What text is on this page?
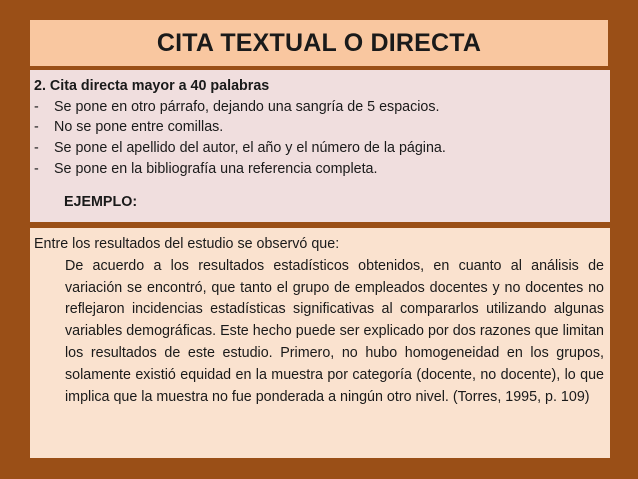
CITA TEXTUAL O DIRECTA
2. Cita directa mayor a 40 palabras
-	Se pone en otro párrafo, dejando una sangría de 5 espacios.
-	No se pone entre comillas.
-	Se pone el apellido del autor, el año y el número de la página.
-	Se pone en la bibliografía una referencia completa.
EJEMPLO:
Entre los resultados del estudio se observó que:
De acuerdo a los resultados estadísticos obtenidos, en cuanto al análisis de variación se encontró, que tanto el grupo de empleados docentes y no docentes no reflejaron incidencias estadísticas significativas al compararlos utilizando algunas variables demográficas. Este hecho puede ser explicado por dos razones que limitan los resultados de este estudio. Primero, no hubo homogeneidad en los grupos, solamente existió equidad en la muestra por categoría (docente, no docente), lo que implica que la muestra no fue ponderada a ningún otro nivel. (Torres, 1995, p. 109)
